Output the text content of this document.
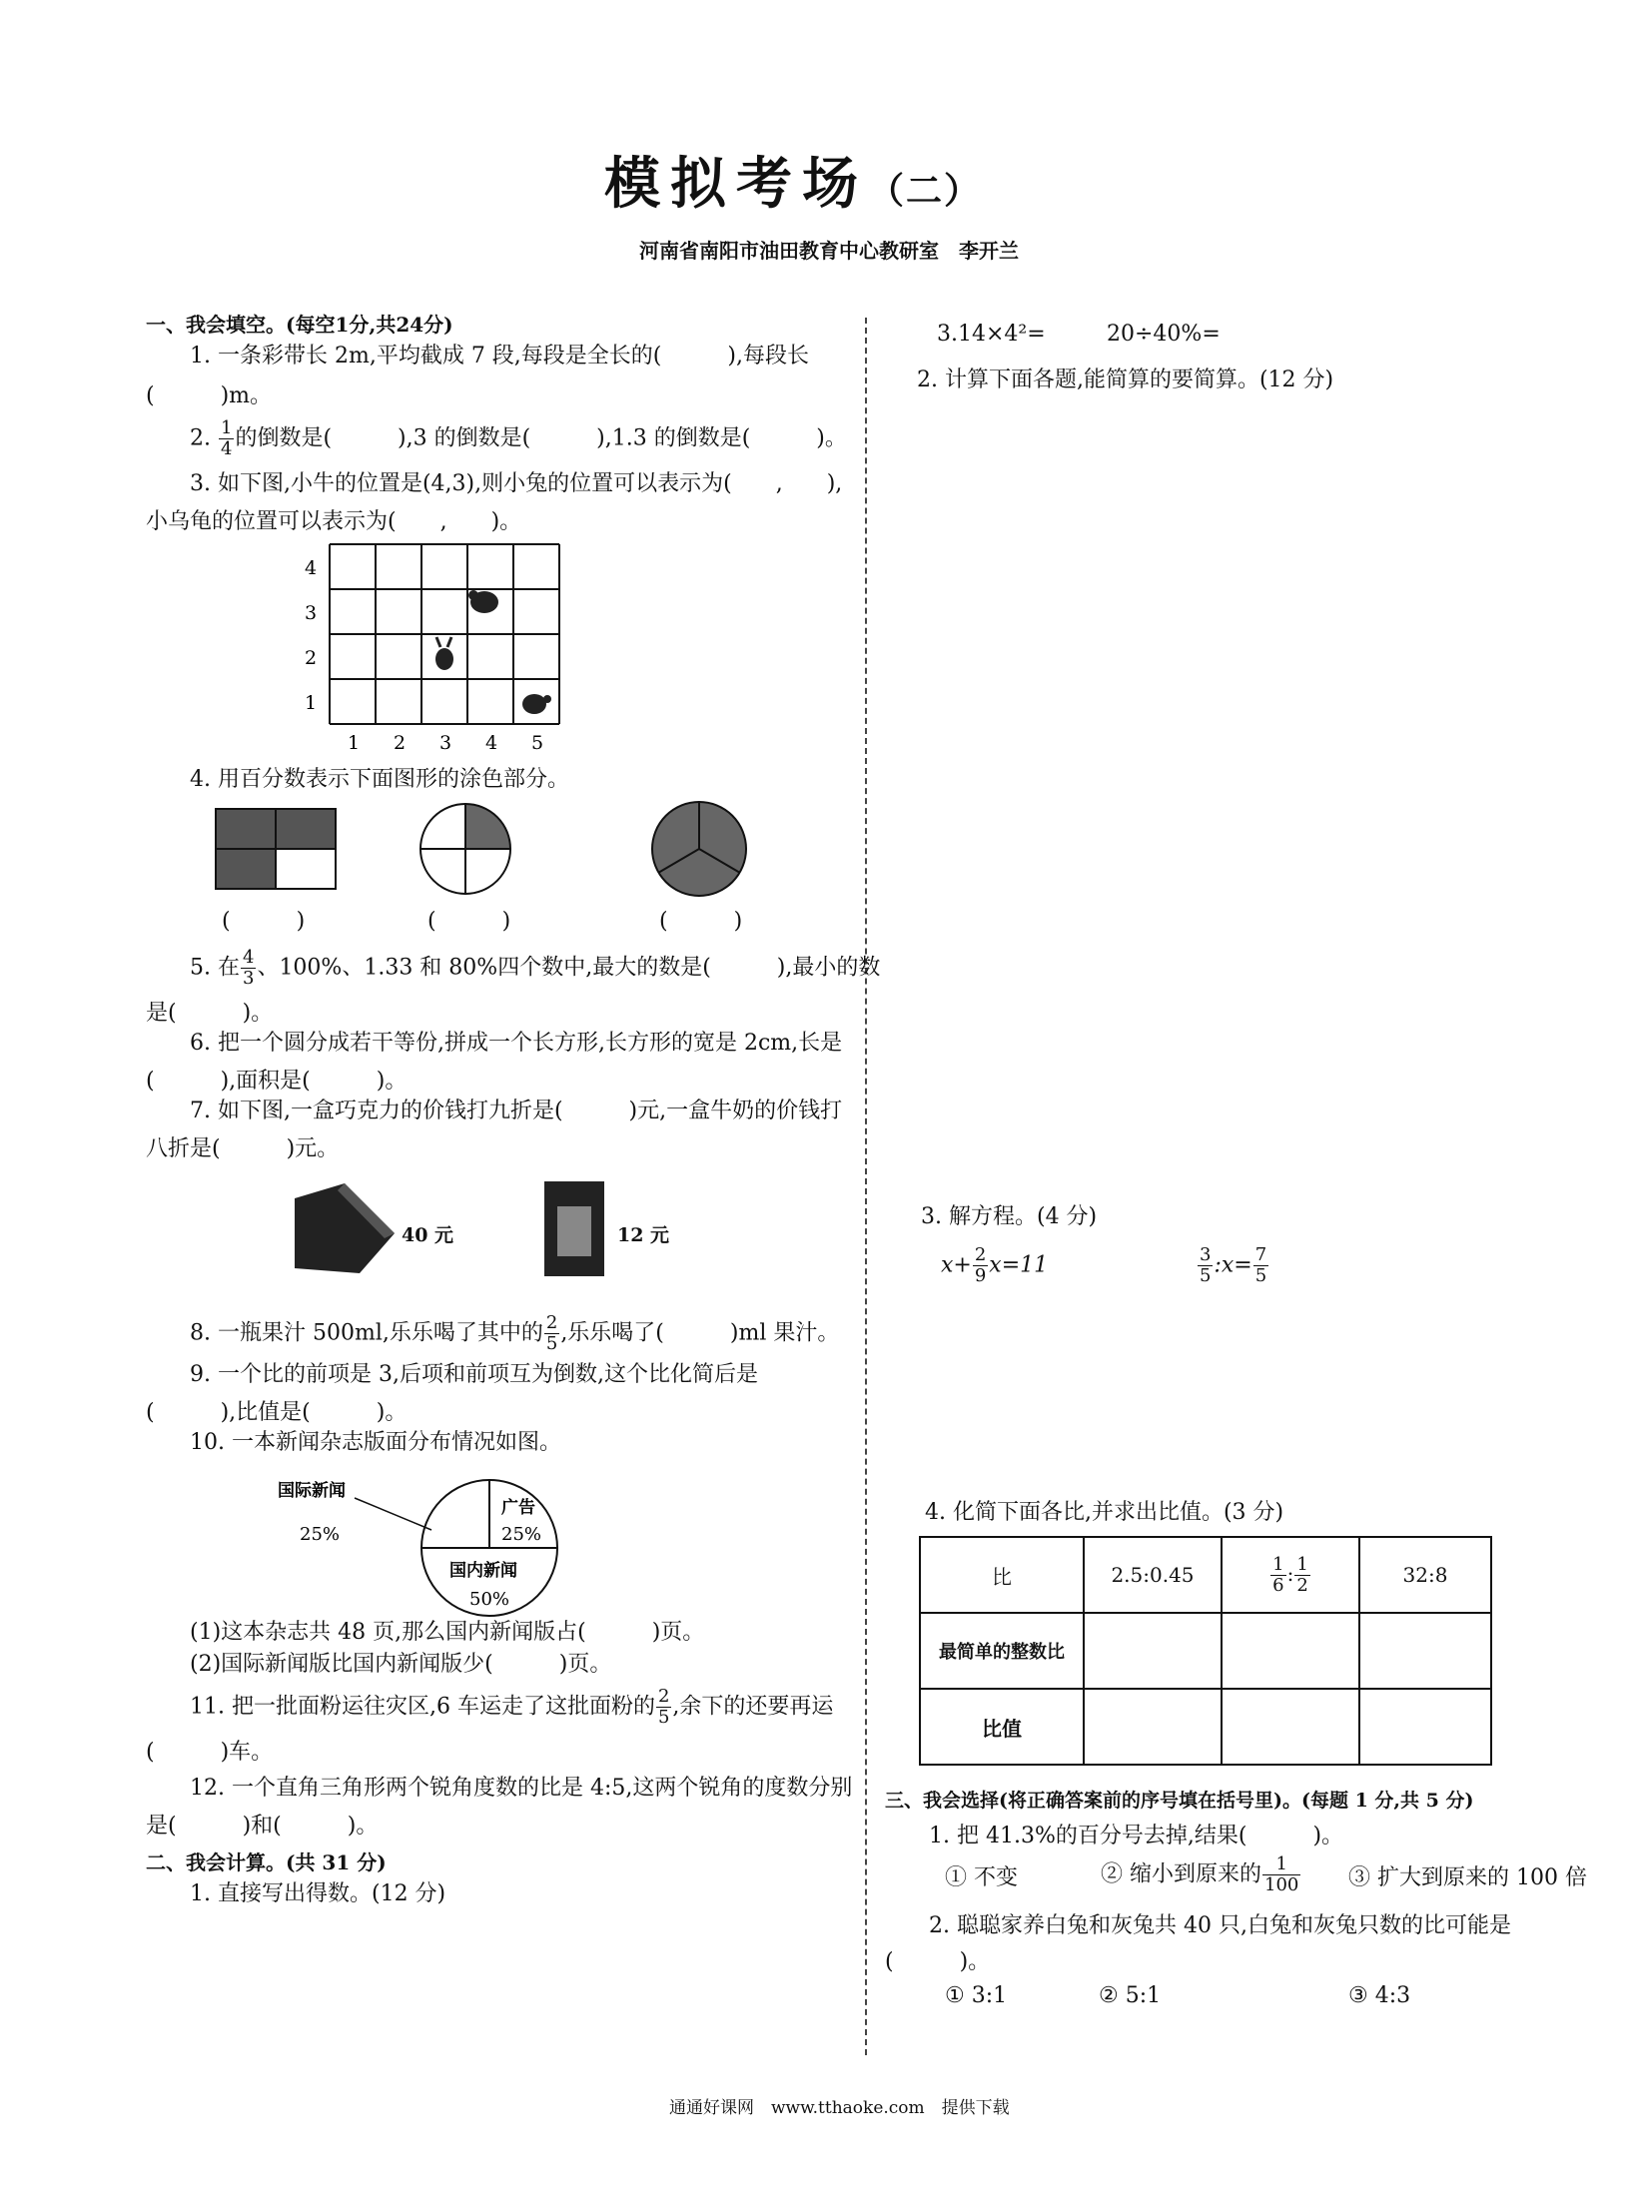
模拟考场（二）
河南省南阳市油田教育中心教研室　李开兰
一、我会填空。(每空1分,共24分)
1. 一条彩带长 2m,平均截成 7 段,每段是全长的(　　　),每段长
(　　　)m。
2. $\frac{1}{4}$ 的倒数是(　　　),3 的倒数是(　　　),1.3 的倒数是(　　　)。
3. 如下图,小牛的位置是(4,3),则小兔的位置可以表示为(　　,　　),
小乌龟的位置可以表示为(　　,　　)。
4
3
2
1
1 2 3 4 5
4. 用百分数表示下面图形的涂色部分。
(　　　)	(　　　)	(　　　)
5. 在 $\frac{4}{3}$ 、100%、1.33 和 80%四个数中,最大的数是(　　　),最小的数
是(　　　)。
6. 把一个圆分成若干等份,拼成一个长方形,长方形的宽是 2cm,长是
(　　　),面积是(　　　)。
7. 如下图,一盒巧克力的价钱打九折是(　　　)元,一盒牛奶的价钱打
八折是(　　　)元。
40 元	12 元
8. 一瓶果汁 500ml,乐乐喝了其中的 $\frac{2}{5}$ ,乐乐喝了(　　　)ml 果汁。
9. 一个比的前项是 3,后项和前项互为倒数,这个比化简后是
(　　　),比值是(　　　)。
10. 一本新闻杂志版面分布情况如图。
国际新闻
25%
广告
25%
国内新闻
50%
(1)这本杂志共 48 页,那么国内新闻版占(　　　)页。
(2)国际新闻版比国内新闻版少(　　　)页。
11. 把一批面粉运往灾区,6 车运走了这批面粉的 $\frac{2}{5}$ ,余下的还要再运
(　　　)车。
12. 一个直角三角形两个锐角度数的比是 4:5,这两个锐角的度数分别
是(　　　)和(　　　)。
二、我会计算。(共 31 分)
1. 直接写出得数。(12 分)
3.14×4²=	20÷40%=
2. 计算下面各题,能简算的要简算。(12 分)
3. 解方程。(4 分)
$x+ \frac{2}{9} x=11$	$\frac{3}{5}$ :x= $\frac{7}{5}$
4. 化简下面各比,并求出比值。(3 分)
比	2.5:0.45	$\frac{1}{6}$ : $\frac{1}{2}$	32:8
最简单的整数比			
比值			
三、我会选择(将正确答案前的序号填在括号里)。(每题 1 分,共 5 分)
1. 把 41.3%的百分号去掉,结果(　　　)。
① 不变	② 缩小到原来的 $\frac{1}{100}$ ③ 扩大到原来的 100 倍
2. 聪聪家养白兔和灰兔共 40 只,白兔和灰兔只数的比可能是
(　　　)。
① 3:1	② 5:1	③ 4:3
通通好课网　www.tthaoke.com　提供下载
